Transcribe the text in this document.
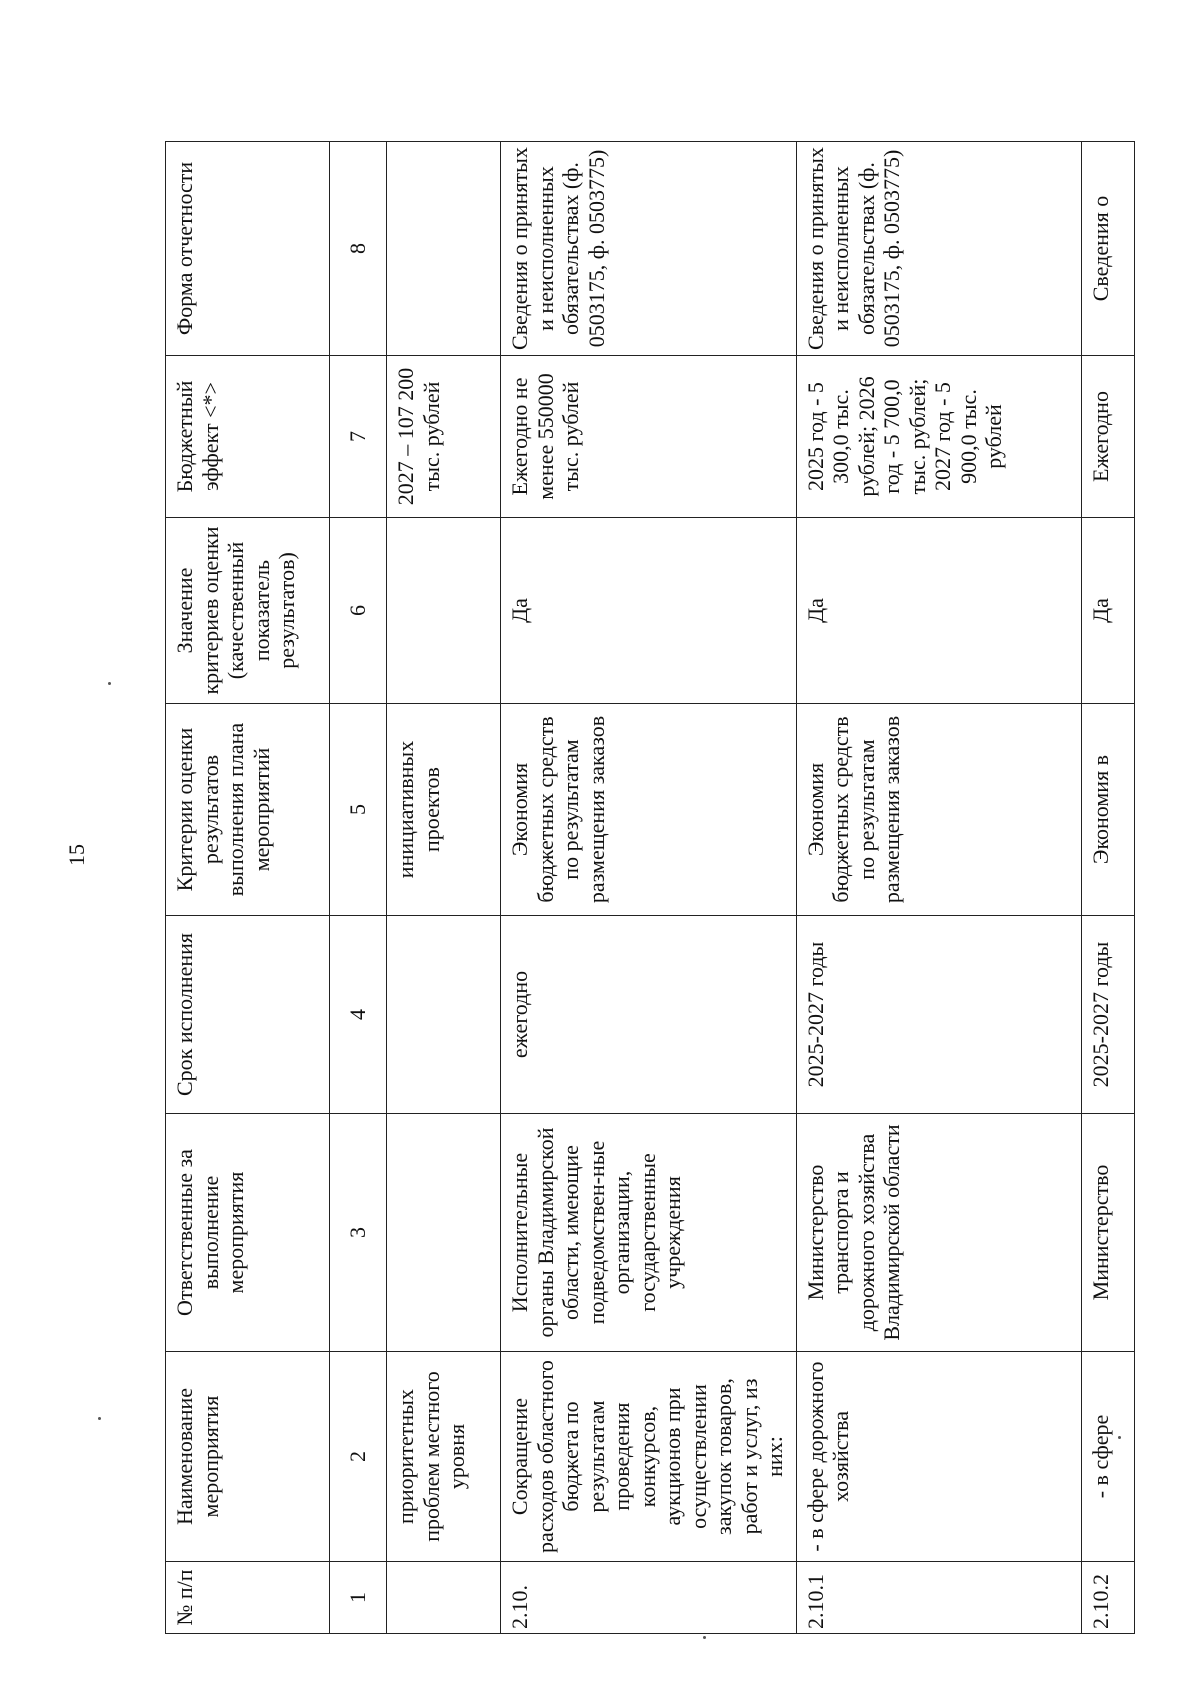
15
№ п/п	Наименование мероприятия	Ответственные за выполнение мероприятия	Срок исполнения	Критерии оценки результатов выполнения плана мероприятий	Значение критериев оценки (качественный показатель результатов)	Бюджетный эффект <*>	Форма отчетности
1	2	3	4	5	6	7	8
	приоритетных проблем местного уровня			инициативных проектов		2027 – 107 200 тыс. рублей	
2.10.	Сокращение расходов областного бюджета по результатам проведения конкурсов, аукционов при осуществлении закупок товаров, работ и услуг, из них:	Исполнительные органы Владимирской области, имеющие подведомствен-ные организации, государственные учреждения	ежегодно	Экономия бюджетных средств по результатам размещения заказов	Да	Ежегодно не менее 550000 тыс. рублей	Сведения о принятых и неисполненных обязательствах (ф. 0503175, ф. 0503775)
2.10.1	- в сфере дорожного хозяйства	Министерство транспорта и дорожного хозяйства Владимирской области	2025-2027 годы	Экономия бюджетных средств по результатам размещения заказов	Да	2025 год - 5 300,0 тыс. рублей; 2026 год - 5 700,0 тыс. рублей; 2027 год - 5 900,0 тыс. рублей	Сведения о принятых и неисполненных обязательствах (ф. 0503175, ф. 0503775)
2.10.2	- в сфере	Министерство	2025-2027 годы	Экономия в	Да	Ежегодно	Сведения о
